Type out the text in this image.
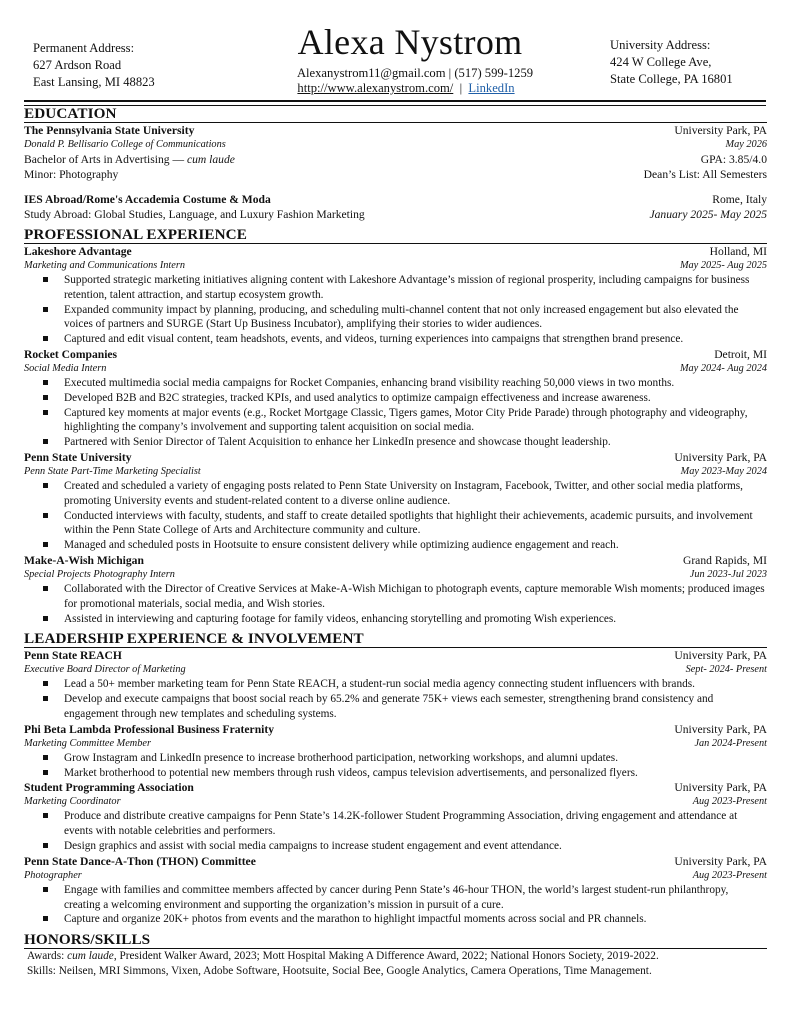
Permanent Address:
627 Ardson Road
East Lansing, MI 48823
Alexa Nystrom
Alexanystrom11@gmail.com | (517) 599-1259
http://www.alexanystrom.com/  |  LinkedIn
University Address:
424 W College Ave,
State College, PA 16801
EDUCATION
The Pennsylvania State University	University Park, PA
Donald P. Bellisario College of Communications	May 2026
Bachelor of Arts in Advertising — cum laude	GPA: 3.85/4.0
Minor: Photography	Dean’s List: All Semesters
IES Abroad/Rome's Accademia Costume & Moda	Rome, Italy
Study Abroad: Global Studies, Language, and Luxury Fashion Marketing	January 2025- May 2025
PROFESSIONAL EXPERIENCE
Lakeshore Advantage	Holland, MI
Marketing and Communications Intern	May 2025- Aug 2025
Supported strategic marketing initiatives aligning content with Lakeshore Advantage’s mission of regional prosperity, including campaigns for business retention, talent attraction, and startup ecosystem growth.
Expanded community impact by planning, producing, and scheduling multi-channel content that not only increased engagement but also elevated the voices of partners and SURGE (Start Up Business Incubator), amplifying their stories to wider audiences.
Captured and edit visual content, team headshots, events, and videos, turning experiences into campaigns that strengthen brand presence.
Rocket Companies	Detroit, MI
Social Media Intern	May 2024- Aug 2024
Executed multimedia social media campaigns for Rocket Companies, enhancing brand visibility reaching 50,000 views in two months.
Developed B2B and B2C strategies, tracked KPIs, and used analytics to optimize campaign effectiveness and increase awareness.
Captured key moments at major events (e.g., Rocket Mortgage Classic, Tigers games, Motor City Pride Parade) through photography and videography, highlighting the company’s involvement and supporting talent acquisition on social media.
Partnered with Senior Director of Talent Acquisition to enhance her LinkedIn presence and showcase thought leadership.
Penn State University	University Park, PA
Penn State Part-Time Marketing Specialist	May 2023-May 2024
Created and scheduled a variety of engaging posts related to Penn State University on Instagram, Facebook, Twitter, and other social media platforms, promoting University events and student-related content to a diverse online audience.
Conducted interviews with faculty, students, and staff to create detailed spotlights that highlight their achievements, academic pursuits, and involvement within the Penn State College of Arts and Architecture community and culture.
Managed and scheduled posts in Hootsuite to ensure consistent delivery while optimizing audience engagement and reach.
Make-A-Wish Michigan	Grand Rapids, MI
Special Projects Photography Intern	Jun 2023-Jul 2023
Collaborated with the Director of Creative Services at Make-A-Wish Michigan to photograph events, capture memorable Wish moments; produced images for promotional materials, social media, and Wish stories.
Assisted in interviewing and capturing footage for family videos, enhancing storytelling and promoting Wish experiences.
LEADERSHIP EXPERIENCE & INVOLVEMENT
Penn State REACH	University Park, PA
Executive Board Director of Marketing	Sept- 2024- Present
Lead a 50+ member marketing team for Penn State REACH, a student-run social media agency connecting student influencers with brands.
Develop and execute campaigns that boost social reach by 65.2% and generate 75K+ views each semester, strengthening brand consistency and engagement through new templates and scheduling systems.
Phi Beta Lambda Professional Business Fraternity	University Park, PA
Marketing Committee Member	Jan 2024-Present
Grow Instagram and LinkedIn presence to increase brotherhood participation, networking workshops, and alumni updates.
Market brotherhood to potential new members through rush videos, campus television advertisements, and personalized flyers.
Student Programming Association	University Park, PA
Marketing Coordinator	Aug 2023-Present
Produce and distribute creative campaigns for Penn State’s 14.2K-follower Student Programming Association, driving engagement and attendance at events with notable celebrities and performers.
Design graphics and assist with social media campaigns to increase student engagement and event attendance.
Penn State Dance-A-Thon (THON) Committee	University Park, PA
Photographer	Aug 2023-Present
Engage with families and committee members affected by cancer during Penn State’s 46-hour THON, the world’s largest student-run philanthropy, creating a welcoming environment and supporting the organization’s mission in pursuit of a cure.
Capture and organize 20K+ photos from events and the marathon to highlight impactful moments across social and PR channels.
HONORS/SKILLS
Awards: cum laude, President Walker Award, 2023; Mott Hospital Making A Difference Award, 2022; National Honors Society, 2019-2022.
Skills: Neilsen, MRI Simmons, Vixen, Adobe Software, Hootsuite, Social Bee, Google Analytics, Camera Operations, Time Management.
